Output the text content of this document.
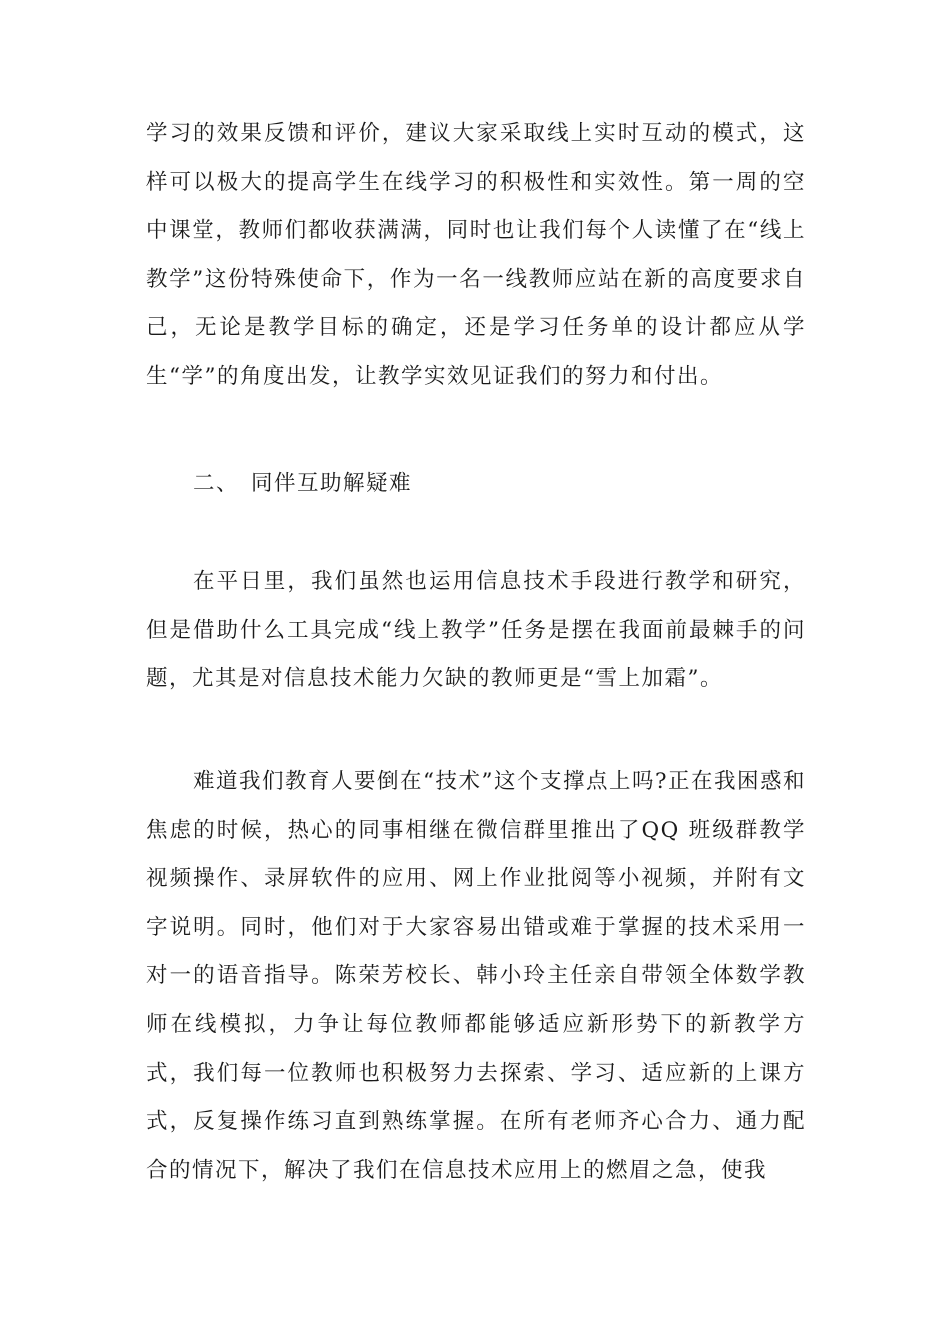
学习的效果反馈和评价，建议大家采取线上实时互动的模式，这样可以极大的提高学生在线学习的积极性和实效性。第一周的空中课堂，教师们都收获满满，同时也让我们每个人读懂了在“线上教学”这份特殊使命下，作为一名一线教师应站在新的高度要求自己，无论是教学目标的确定，还是学习任务单的设计都应从学生“学”的角度出发，让教学实效见证我们的努力和付出。

二、 同伴互助解疑难

在平日里，我们虽然也运用信息技术手段进行教学和研究，但是借助什么工具完成“线上教学”任务是摆在我面前最棘手的问题，尤其是对信息技术能力欠缺的教师更是“雪上加霜”。

难道我们教育人要倒在“技术”这个支撑点上吗?正在我困惑和焦虑的时候，热心的同事相继在微信群里推出了QQ 班级群教学视频操作、录屏软件的应用、网上作业批阅等小视频，并附有文字说明。同时，他们对于大家容易出错或难于掌握的技术采用一对一的语音指导。陈荣芳校长、韩小玲主任亲自带领全体数学教师在线模拟，力争让每位教师都能够适应新形势下的新教学方式，我们每一位教师也积极努力去探索、学习、适应新的上课方式，反复操作练习直到熟练掌握。在所有老师齐心合力、通力配合的情况下，解决了我们在信息技术应用上的燃眉之急，使我
